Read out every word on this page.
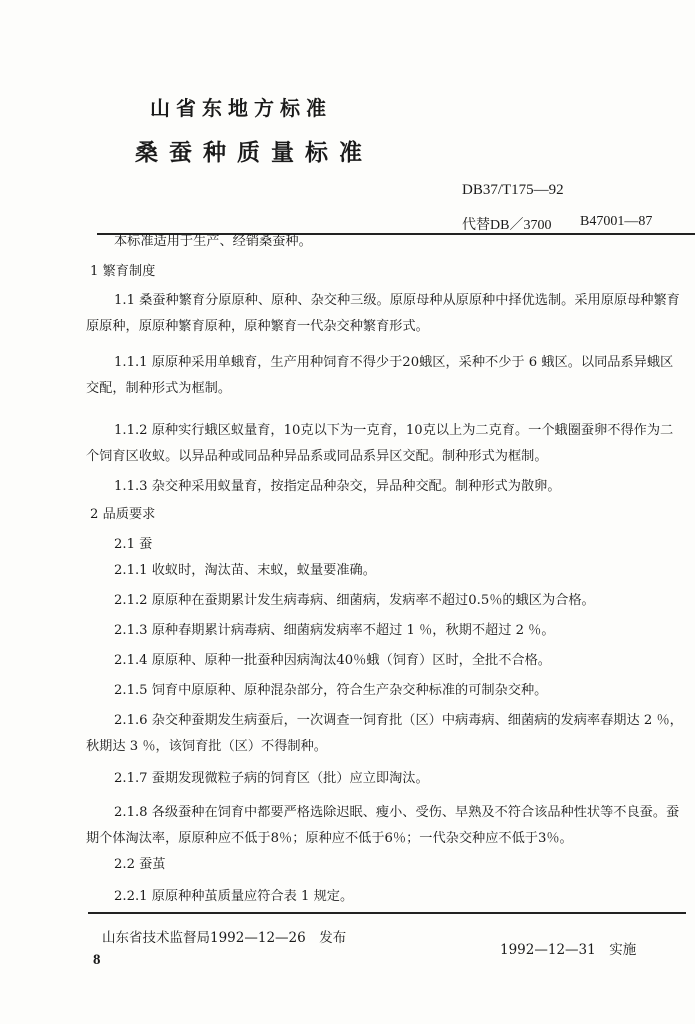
山省东地方标准
桑蚕种质量标准
DB37/T175—92
代替DB／3700 B47001—87
本标准适用于生产、经销桑蚕种。
1 繁育制度
1.1 桑蚕种繁育分原原种、原种、杂交种三级。原原母种从原原种中择优选制。采用原原母种繁育原原种，原原种繁育原种，原种繁育一代杂交种繁育形式。
1.1.1 原原种采用单蛾育，生产用种饲育不得少于20蛾区，采种不少于 6 蛾区。以同品系异蛾区交配，制种形式为框制。
1.1.2 原种实行蛾区蚁量育，10克以下为一克育，10克以上为二克育。一个蛾圈蚕卵不得作为二个饲育区收蚁。以异品种或同品种异品系或同品系异区交配。制种形式为框制。
1.1.3 杂交种采用蚁量育，按指定品种杂交，异品种交配。制种形式为散卵。
2 品质要求
2.1 蚕
2.1.1 收蚁时，淘汰苗、末蚁，蚁量要准确。
2.1.2 原原种在蚕期累计发生病毒病、细菌病，发病率不超过0.5％的蛾区为合格。
2.1.3 原种春期累计病毒病、细菌病发病率不超过 1 ％，秋期不超过 2 ％。
2.1.4 原原种、原种一批蚕种因病淘汰40％蛾（饲育）区时，全批不合格。
2.1.5 饲育中原原种、原种混杂部分，符合生产杂交种标准的可制杂交种。
2.1.6 杂交种蚕期发生病蚕后，一次调查一饲育批（区）中病毒病、细菌病的发病率春期达 2 ％，秋期达 3 ％，该饲育批（区）不得制种。
2.1.7 蚕期发现微粒子病的饲育区（批）应立即淘汰。
2.1.8 各级蚕种在饲育中都要严格选除迟眠、瘦小、受伤、早熟及不符合该品种性状等不良蚕。蚕期个体淘汰率，原原种应不低于8％；原种应不低于6％；一代杂交种应不低于3％。
2.2 蚕茧
2.2.1 原原种种茧质量应符合表 1 规定。
山东省技术监督局1992—12—26　发布
1992—12—31　实施
8
